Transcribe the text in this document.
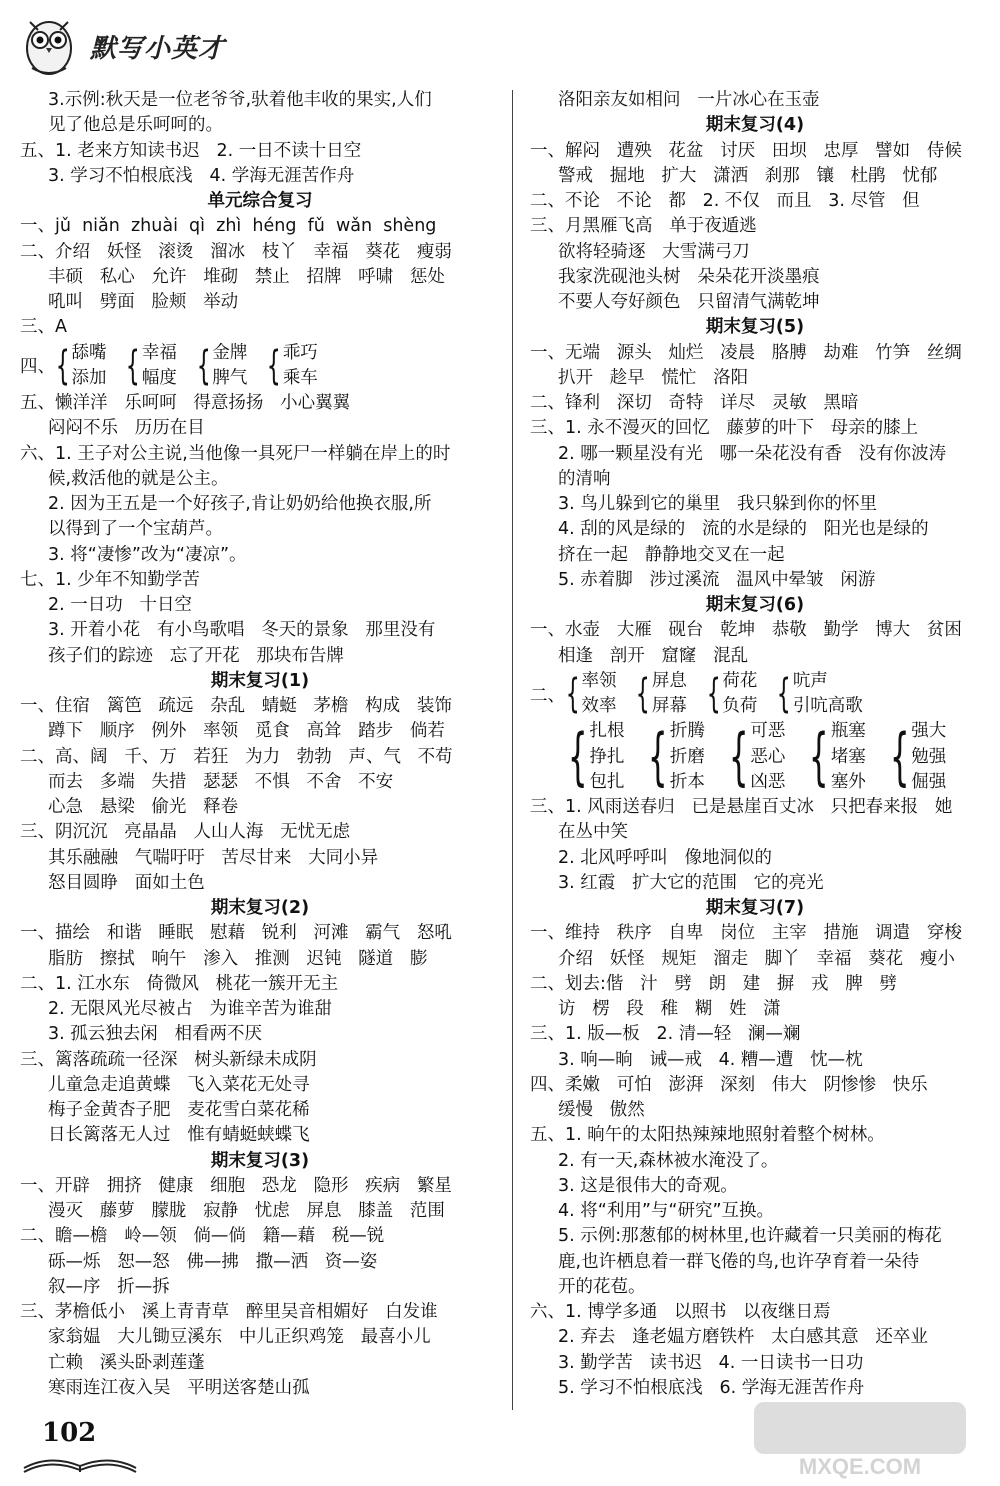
默写小英才
3.示例:秋天是一位老爷爷,驮着他丰收的果实,人们
见了他总是乐呵呵的。
五、1. 老来方知读书迟   2. 一日不读十日空
3. 学习不怕根底浅   4. 学海无涯苦作舟
单元综合复习
一、jǔ  niǎn  zhuài  qì  zhì  héng  fǔ  wǎn  shèng
二、介绍   妖怪   滚烫   溜冰   枝丫   幸福   葵花   瘦弱
丰硕   私心   允许   堆砌   禁止   招牌   呼啸   惩处
吼叫   劈面   脸颊   举动
三、A
四、 { 舔嘴
添加 { 幸福
幅度 { 金牌
脾气 { 乖巧
乘车
五、懒洋洋   乐呵呵   得意扬扬   小心翼翼
闷闷不乐   历历在目
六、1. 王子对公主说,当他像一具死尸一样躺在岸上的时
候,救活他的就是公主。
2. 因为王五是一个好孩子,肯让奶奶给他换衣服,所
以得到了一个宝葫芦。
3. 将“凄惨”改为“凄凉”。
七、1. 少年不知勤学苦
2. 一日功   十日空
3. 开着小花   有小鸟歌唱   冬天的景象   那里没有
孩子们的踪迹   忘了开花   那块布告牌
期末复习(1)
一、住宿   篱笆   疏远   杂乱   蜻蜓   茅檐   构成   装饰
蹲下   顺序   例外   率领   觅食   高耸   踏步   倘若
二、高、阔   千、万   若狂   为力   勃勃   声、气   不苟
而去   多端   失措   瑟瑟   不惧   不舍   不安
心急   悬梁   偷光   释卷
三、阴沉沉   亮晶晶   人山人海   无忧无虑
其乐融融   气喘吁吁   苦尽甘来   大同小异
怒目圆睁   面如土色
期末复习(2)
一、描绘   和谐   睡眠   慰藉   锐利   河滩   霸气   怒吼
脂肪   擦拭   响午   渗入   推测   迟钝   隧道   膨
二、1. 江水东   倚微风   桃花一簇开无主
2. 无限风光尽被占   为谁辛苦为谁甜
3. 孤云独去闲   相看两不厌
三、篱落疏疏一径深   树头新绿未成阴
儿童急走追黄蝶   飞入菜花无处寻
梅子金黄杏子肥   麦花雪白菜花稀
日长篱落无人过   惟有蜻蜓蛱蝶飞
期末复习(3)
一、开辟   拥挤   健康   细胞   恐龙   隐形   疾病   繁星
漫灭   藤萝   朦胧   寂静   忧虑   屏息   膝盖   范围
二、瞻—檐   岭—领   倘—倘   籍—藉   税—锐
砾—烁   恕—怒   佛—拂   撒—洒   资—姿
叙—序   折—拆
三、茅檐低小   溪上青青草   醉里吴音相媚好   白发谁
家翁媪   大儿锄豆溪东   中儿正织鸡笼   最喜小儿
亡赖   溪头卧剥莲蓬
寒雨连江夜入吴   平明送客楚山孤
洛阳亲友如相问   一片冰心在玉壶
期末复习(4)
一、解闷   遭殃   花盆   讨厌   田坝   忠厚   譬如   侍候
警戒   掘地   扩大   潇洒   刹那   镶   杜鹃   忧郁
二、不论   不论   都   2. 不仅   而且   3. 尽管   但
三、月黑雁飞高   单于夜遁逃
欲将轻骑逐   大雪满弓刀
我家洗砚池头树   朵朵花开淡墨痕
不要人夸好颜色   只留清气满乾坤
期末复习(5)
一、无端   源头   灿烂   凌晨   胳膊   劫难   竹笋   丝绸
扒开   趁早   慌忙   洛阳
二、锋利   深切   奇特   详尽   灵敏   黑暗
三、1. 永不漫灭的回忆   藤萝的叶下   母亲的膝上
2. 哪一颗星没有光   哪一朵花没有香   没有你波涛
的清响
3. 鸟儿躲到它的巢里   我只躲到你的怀里
4. 刮的风是绿的   流的水是绿的   阳光也是绿的
挤在一起   静静地交叉在一起
5. 赤着脚   涉过溪流   温风中晕皱   闲游
期末复习(6)
一、水壶   大雁   砚台   乾坤   恭敬   勤学   博大   贫困
相逢   剖开   窟窿   混乱
二、 { 率领
效率 { 屏息
屏幕 { 荷花
负荷 { 吭声
引吭高歌
{ 扎根
挣扎
包扎 { 折腾
折磨
折本 { 可恶
恶心
凶恶 { 瓶塞
堵塞
塞外 { 强大
勉强
倔强
三、1. 风雨送春归   已是悬崖百丈冰   只把春来报   她
在丛中笑
2. 北风呼呼叫   像地洞似的
3. 红霞   扩大它的范围   它的亮光
期末复习(7)
一、维持   秩序   自卑   岗位   主宰   措施   调遣   穿梭
介绍   妖怪   规矩   溜走   脚丫   幸福   葵花   瘦小
二、划去:偕   汁   劈   朗   建   摒   戎   脾   劈
访   楞   段   稚   糊   姓   潇
三、1. 版—板   2. 清—轻   澜—斓
3. 响—晌   诫—戒   4. 糟—遭   忱—枕
四、柔嫩   可怕   澎湃   深刻   伟大   阴惨惨   快乐
缓慢   傲然
五、1. 晌午的太阳热辣辣地照射着整个树林。
2. 有一天,森林被水淹没了。
3. 这是很伟大的奇观。
4. 将“利用”与“研究”互换。
5. 示例:那葱郁的树林里,也许藏着一只美丽的梅花
鹿,也许栖息着一群飞倦的鸟,也许孕育着一朵待
开的花苞。
六、1. 博学多通   以照书   以夜继日焉
2. 弃去   逢老媪方磨铁杵   太白感其意   还卒业
3. 勤学苦   读书迟   4. 一日读书一日功
5. 学习不怕根底浅   6. 学海无涯苦作舟
102
MXQE.COM
